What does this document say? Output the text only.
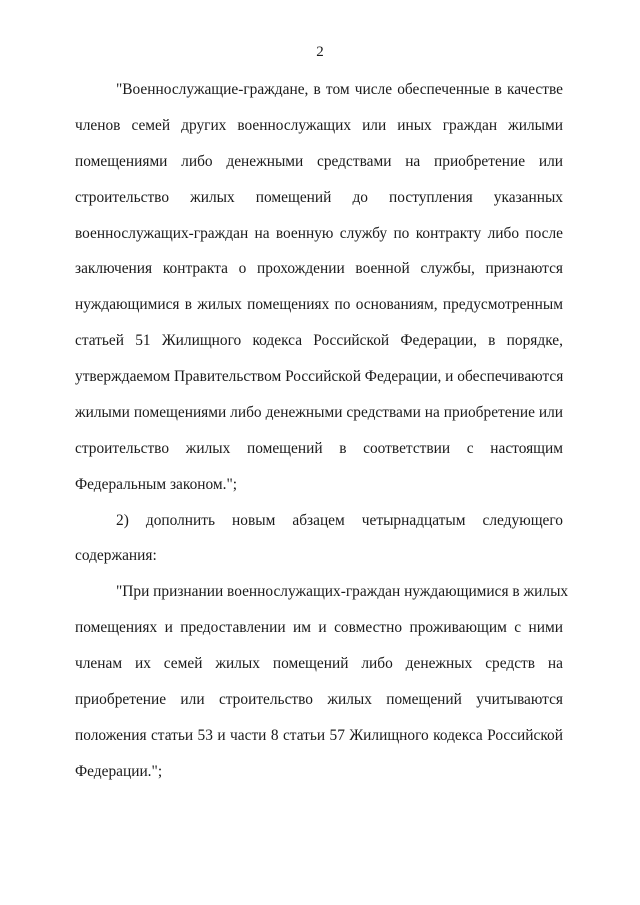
2
"Военнослужащие-граждане, в том числе обеспеченные в качестве
членов семей других военнослужащих или иных граждан жилыми
помещениями либо денежными средствами на приобретение или
строительство жилых помещений до поступления указанных
военнослужащих-граждан на военную службу по контракту либо после
заключения контракта о прохождении военной службы, признаются
нуждающимися в жилых помещениях по основаниям, предусмотренным
статьей 51 Жилищного кодекса Российской Федерации, в порядке,
утверждаемом Правительством Российской Федерации, и обеспечиваются
жилыми помещениями либо денежными средствами на приобретение или
строительство жилых помещений в соответствии с настоящим
Федеральным законом.";
2) дополнить новым абзацем четырнадцатым следующего
содержания:
"При признании военнослужащих-граждан нуждающимися в жилых
помещениях и предоставлении им и совместно проживающим с ними
членам их семей жилых помещений либо денежных средств на
приобретение или строительство жилых помещений учитываются
положения статьи 53 и части 8 статьи 57 Жилищного кодекса Российской
Федерации.";
